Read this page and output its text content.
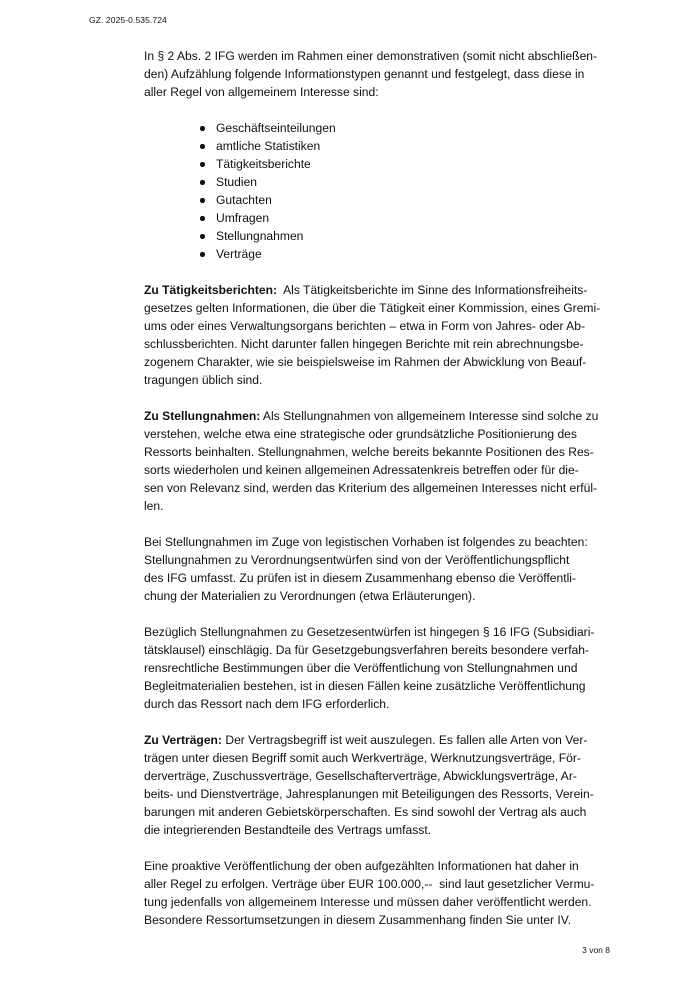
GZ. 2025-0.535.724

In § 2 Abs. 2 IFG werden im Rahmen einer demonstrativen (somit nicht abschließen-
den) Aufzählung folgende Informationstypen genannt und festgelegt, dass diese in
aller Regel von allgemeinem Interesse sind:

Geschäftseinteilungen
amtliche Statistiken
Tätigkeitsberichte
Studien
Gutachten
Umfragen
Stellungnahmen
Verträge

Zu Tätigkeitsberichten:  Als Tätigkeitsberichte im Sinne des Informationsfreiheits-
gesetzes gelten Informationen, die über die Tätigkeit einer Kommission, eines Gremi-
ums oder eines Verwaltungsorgans berichten – etwa in Form von Jahres- oder Ab-
schlussberichten. Nicht darunter fallen hingegen Berichte mit rein abrechnungsbe-
zogenem Charakter, wie sie beispielsweise im Rahmen der Abwicklung von Beauf-
tragungen üblich sind.

Zu Stellungnahmen: Als Stellungnahmen von allgemeinem Interesse sind solche zu
verstehen, welche etwa eine strategische oder grundsätzliche Positionierung des
Ressorts beinhalten. Stellungnahmen, welche bereits bekannte Positionen des Res-
sorts wiederholen und keinen allgemeinen Adressatenkreis betreffen oder für die-
sen von Relevanz sind, werden das Kriterium des allgemeinen Interesses nicht erfül-
len.

Bei Stellungnahmen im Zuge von legistischen Vorhaben ist folgendes zu beachten:
Stellungnahmen zu Verordnungsentwürfen sind von der Veröffentlichungspflicht
des IFG umfasst. Zu prüfen ist in diesem Zusammenhang ebenso die Veröffentli-
chung der Materialien zu Verordnungen (etwa Erläuterungen).

Bezüglich Stellungnahmen zu Gesetzesentwürfen ist hingegen § 16 IFG (Subsidiari-
tätsklausel) einschlägig. Da für Gesetzgebungsverfahren bereits besondere verfah-
rensrechtliche Bestimmungen über die Veröffentlichung von Stellungnahmen und
Begleitmaterialien bestehen, ist in diesen Fällen keine zusätzliche Veröffentlichung
durch das Ressort nach dem IFG erforderlich.

Zu Verträgen: Der Vertragsbegriff ist weit auszulegen. Es fallen alle Arten von Ver-
trägen unter diesen Begriff somit auch Werkverträge, Werknutzungsverträge, För-
derverträge, Zuschussverträge, Gesellschafterverträge, Abwicklungsverträge, Ar-
beits- und Dienstverträge, Jahresplanungen mit Beteiligungen des Ressorts, Verein-
barungen mit anderen Gebietskörperschaften. Es sind sowohl der Vertrag als auch
die integrierenden Bestandteile des Vertrags umfasst.

Eine proaktive Veröffentlichung der oben aufgezählten Informationen hat daher in
aller Regel zu erfolgen. Verträge über EUR 100.000,--  sind laut gesetzlicher Vermu-
tung jedenfalls von allgemeinem Interesse und müssen daher veröffentlicht werden.
Besondere Ressortumsetzungen in diesem Zusammenhang finden Sie unter IV.

3 von 8
